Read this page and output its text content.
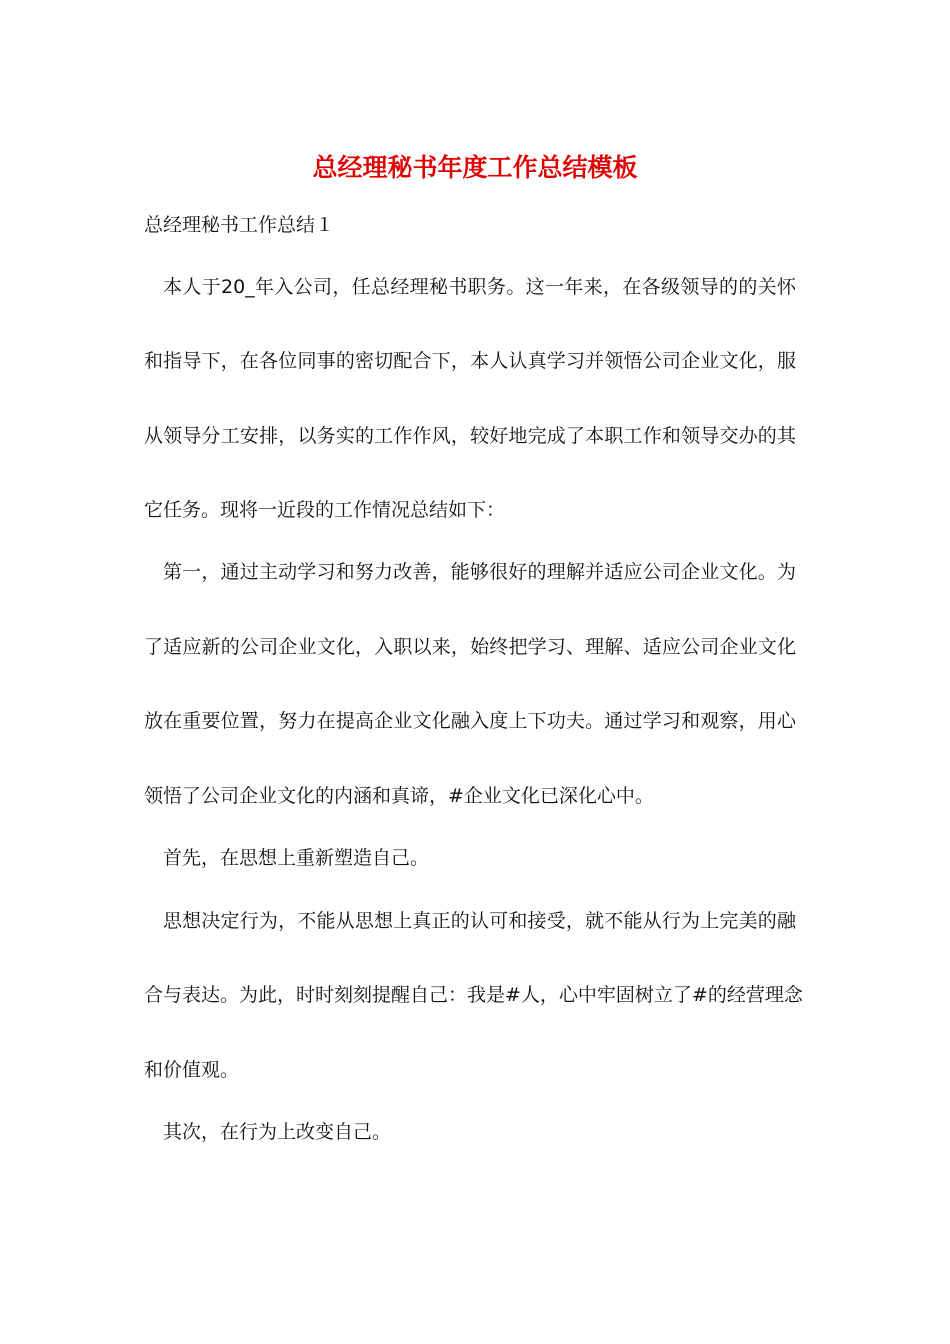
总经理秘书年度工作总结模板

总经理秘书工作总结１

本人于20_年入公司，任总经理秘书职务。这一年来，在各级领导的的关怀

和指导下，在各位同事的密切配合下，本人认真学习并领悟公司企业文化，服

从领导分工安排，以务实的工作作风，较好地完成了本职工作和领导交办的其

它任务。现将一近段的工作情况总结如下：

第一，通过主动学习和努力改善，能够很好的理解并适应公司企业文化。为

了适应新的公司企业文化，入职以来，始终把学习、理解、适应公司企业文化

放在重要位置，努力在提高企业文化融入度上下功夫。通过学习和观察，用心

领悟了公司企业文化的内涵和真谛，#企业文化已深化心中。

首先，在思想上重新塑造自己。

思想决定行为，不能从思想上真正的认可和接受，就不能从行为上完美的融

合与表达。为此，时时刻刻提醒自己：我是#人，心中牢固树立了#的经营理念

和价值观。

其次，在行为上改变自己。
